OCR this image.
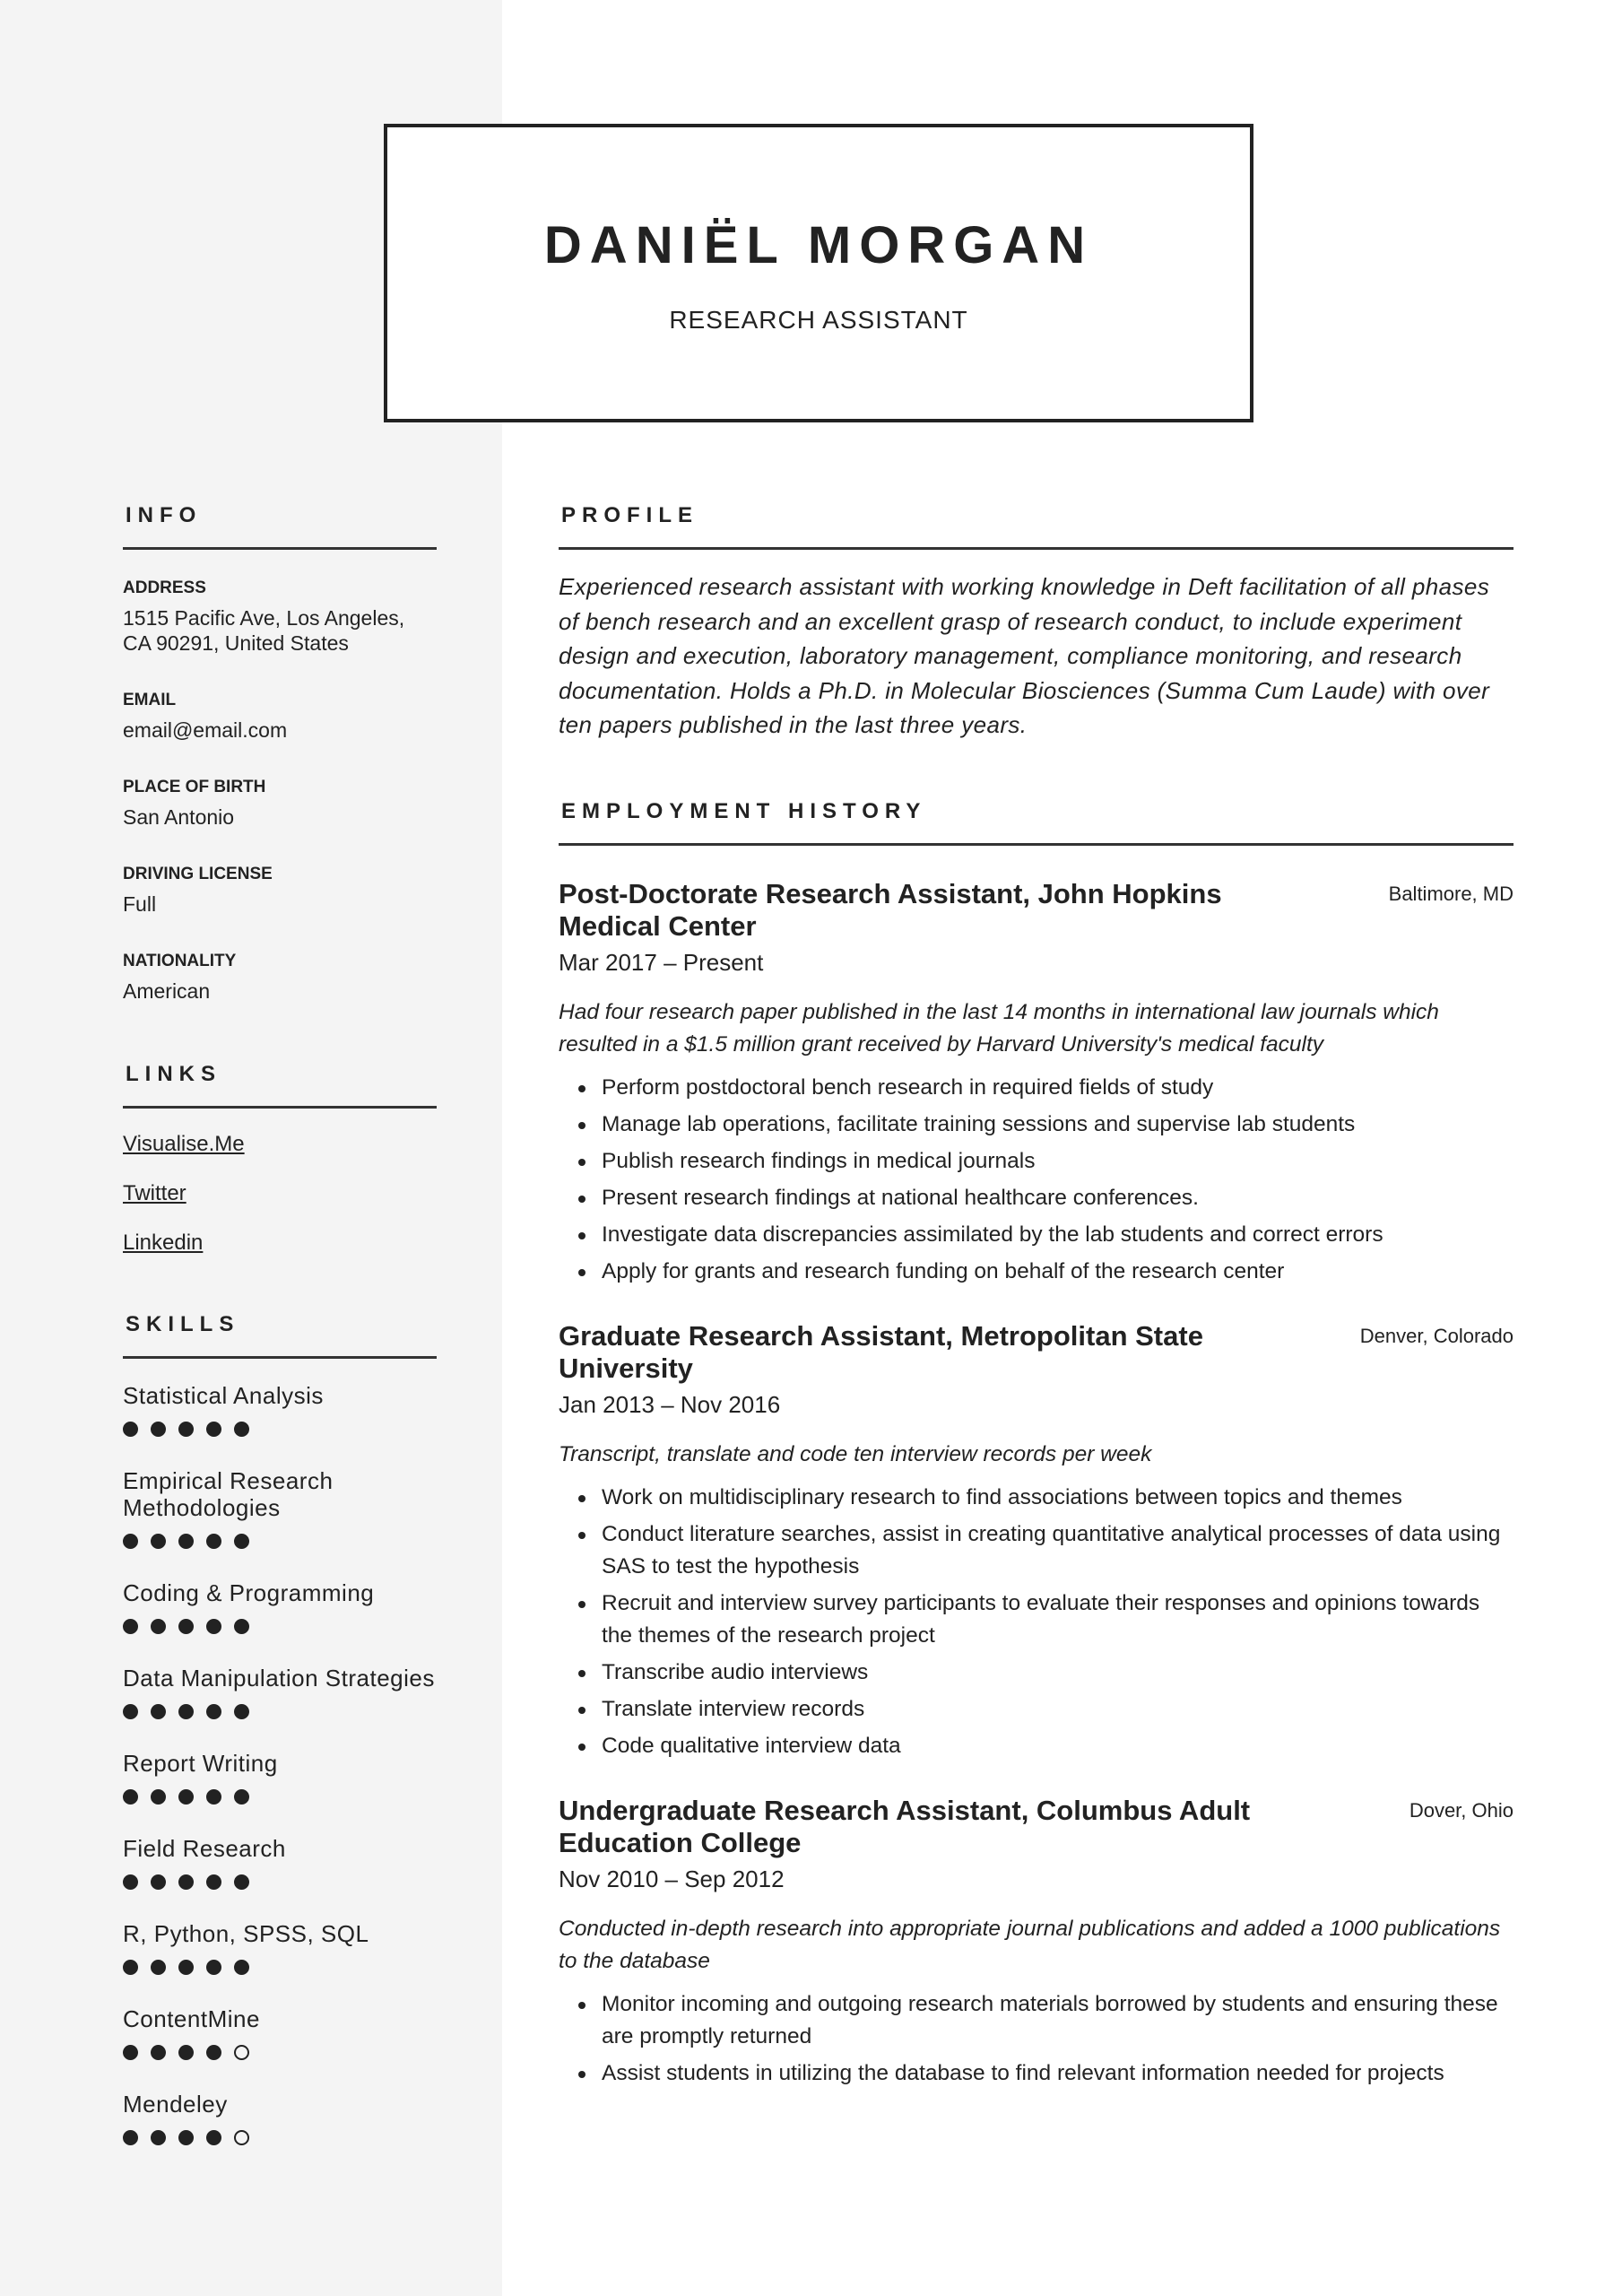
DANIËL MORGAN
RESEARCH ASSISTANT
INFO
ADDRESS
1515 Pacific Ave, Los Angeles, CA 90291, United States
EMAIL
email@email.com
PLACE OF BIRTH
San Antonio
DRIVING LICENSE
Full
NATIONALITY
American
LINKS
Visualise.Me
Twitter
Linkedin
SKILLS
Statistical Analysis
Empirical Research Methodologies
Coding & Programming
Data Manipulation Strategies
Report Writing
Field Research
R, Python, SPSS, SQL
ContentMine
Mendeley
PROFILE

Experienced research assistant with working knowledge in Deft facilitation of all phases of bench research and an excellent grasp of research conduct, to include experiment design and execution, laboratory management, compliance monitoring, and research documentation. Holds a Ph.D. in Molecular Biosciences (Summa Cum Laude) with over ten papers published in the last three years.

EMPLOYMENT HISTORY
Post-Doctorate Research Assistant, John Hopkins Medical Center
Baltimore, MD
Mar 2017 – Present
Had four research paper published in the last 14 months in international law journals which resulted in a $1.5 million grant received by Harvard University's medical faculty
Perform postdoctoral bench research in required fields of study
Manage lab operations, facilitate training sessions and supervise lab students
Publish research findings in medical journals
Present research findings at national healthcare conferences.
Investigate data discrepancies assimilated by the lab students and correct errors
Apply for grants and research funding on behalf of the research center
Graduate Research Assistant, Metropolitan State University
Denver, Colorado
Jan 2013 – Nov 2016
Transcript, translate and code ten interview records per week
Work on multidisciplinary research to find associations between topics and themes
Conduct literature searches, assist in creating quantitative analytical processes of data using SAS to test the hypothesis
Recruit and interview survey participants to evaluate their responses and opinions towards the themes of the research project
Transcribe audio interviews
Translate interview records
Code qualitative interview data
Undergraduate Research Assistant, Columbus Adult Education College
Dover, Ohio
Nov 2010 – Sep 2012
Conducted in-depth research into appropriate journal publications and added a 1000 publications to the database
Monitor incoming and outgoing research materials borrowed by students and ensuring these are promptly returned
Assist students in utilizing the database to find relevant information needed for projects
